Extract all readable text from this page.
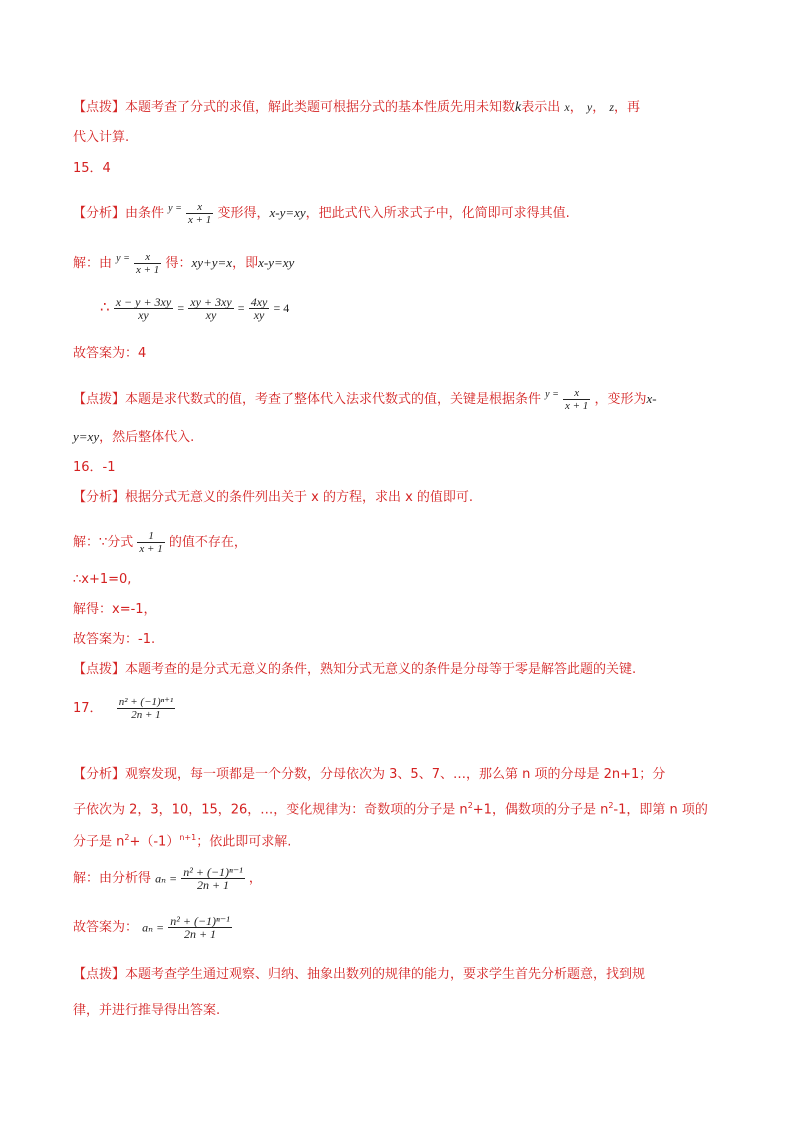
【点拨】本题考查了分式的求值，解此类题可根据分式的基本性质先用未知数k表示出 x， y， z，再
代入计算.
15．4
【分析】由条件 $^{y =} \frac{x}{x + 1}$ 变形得，x-y=xy，把此式代入所求式子中，化简即可求得其值.
解：由 $^{y =} \frac{x}{x + 1}$ 得：xy+y=x，即x-y=xy
∴ $\frac{x - y + 3xy}{xy} = \frac{xy + 3xy}{xy} = \frac{4xy}{xy} = 4$
故答案为：4
【点拨】本题是求代数式的值，考查了整体代入法求代数式的值，关键是根据条件 $^{y =} \frac{x}{x + 1}$ ，变形为x-
y=xy，然后整体代入.
16．-1
【分析】根据分式无意义的条件列出关于 x 的方程，求出 x 的值即可.
解：∵分式 $\frac{1}{x + 1}$ 的值不存在，
∴x+1=0,
解得：x=-1，
故答案为：-1.
【点拨】本题考查的是分式无意义的条件，熟知分式无意义的条件是分母等于零是解答此题的关键.
17． $\frac{\text{n² + (−1)ⁿ⁺¹}}{2n + 1}$
【分析】观察发现，每一项都是一个分数，分母依次为 3、5、7、…，那么第 n 项的分母是 2n+1；分
子依次为 2，3，10，15，26，…，变化规律为：奇数项的分子是 $n^2+1$，偶数项的分子是 $n^2-1$，即第 n 项的
分子是 $n^2+(-1)^{n+1}$；依此即可求解.
解：由分析得 $a_n = \frac{\text{n² + (−1)ⁿ⁻¹}}{2n + 1}$ ，
故答案为： $a_n = \frac{\text{n² + (−1)ⁿ⁻¹}}{2n + 1}$
【点拨】本题考查学生通过观察、归纳、抽象出数列的规律的能力，要求学生首先分析题意，找到规
律，并进行推导得出答案.
